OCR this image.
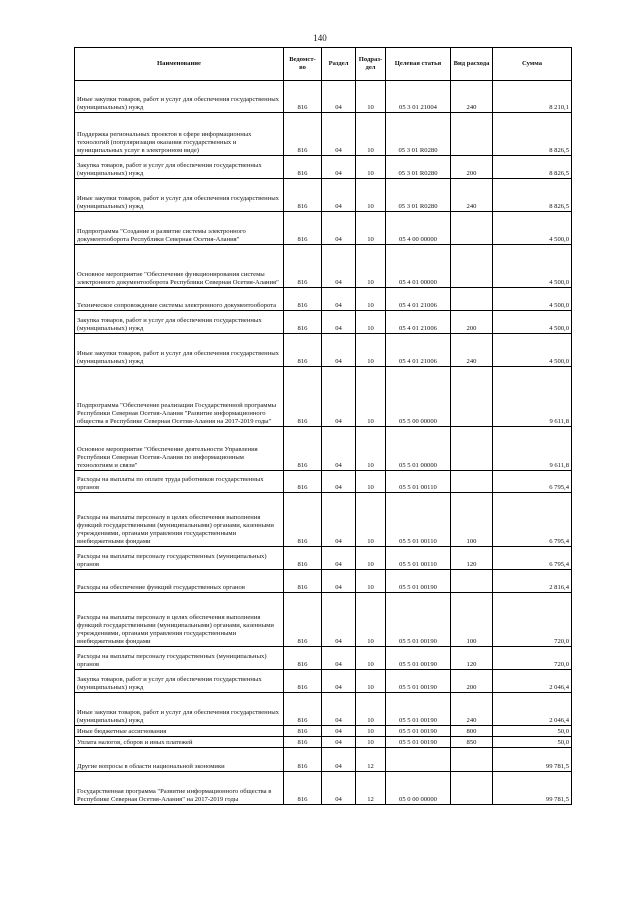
140
Наименование	Ведомст-во	Раздел	Подраз-дел	Целевая статья	Вид расхода	Сумма
Иные закупки товаров, работ и услуг для обеспечения государственных (муниципальных) нужд	816	04	10	05 3 01 21004	240	8 210,1
Поддержка региональных проектов в сфере информационных технологий (популяризация оказания государственных и муниципальных услуг в электронном виде)	816	04	10	05 3 01 R0280		8 826,5
Закупка товаров, работ и услуг для обеспечения государственных (муниципальных) нужд	816	04	10	05 3 01 R0280	200	8 826,5
Иные закупки товаров, работ и услуг для обеспечения государственных (муниципальных) нужд	816	04	10	05 3 01 R0280	240	8 826,5
Подпрограмма "Создание и развитие системы электронного документооборота Республики Северная Осетия-Алания"	816	04	10	05 4 00 00000		4 500,0
Основное мероприятие "Обеспечение функционирования системы электронного документооборота Республики Северная Осетия-Алания"	816	04	10	05 4 01 00000		4 500,0
Техническое сопровождение системы электронного документооборота	816	04	10	05 4 01 21006		4 500,0
Закупка товаров, работ и услуг для обеспечения государственных (муниципальных) нужд	816	04	10	05 4 01 21006	200	4 500,0
Иные закупки товаров, работ и услуг для обеспечения государственных (муниципальных) нужд	816	04	10	05 4 01 21006	240	4 500,0
Подпрограмма "Обеспечение реализации Государственной программы Республики Северная Осетия-Алания "Развитие информационного общества в Республике Северная Осетия-Алания на 2017-2019 годы"	816	04	10	05 5 00 00000		9 611,8
Основное мероприятие "Обеспечение деятельности Управления Республики Северная Осетия-Алания по информационным технологиям и связи"	816	04	10	05 5 01 00000		9 611,8
Расходы на выплаты по оплате труда работников государственных органов	816	04	10	05 5 01 00110		6 795,4
Расходы на выплаты персоналу в целях обеспечения выполнения функций государственными (муниципальными) органами, казенными учреждениями, органами управления государственными внебюджетными фондами	816	04	10	05 5 01 00110	100	6 795,4
Расходы на выплаты персоналу государственных (муниципальных) органов	816	04	10	05 5 01 00110	120	6 795,4
Расходы на обеспечение функций государственных органов	816	04	10	05 5 01 00190		2 816,4
Расходы на выплаты персоналу в целях обеспечения выполнения функций государственными (муниципальными) органами, казенными учреждениями, органами управления государственными внебюджетными фондами	816	04	10	05 5 01 00190	100	720,0
Расходы на выплаты персоналу государственных (муниципальных) органов	816	04	10	05 5 01 00190	120	720,0
Закупка товаров, работ и услуг для обеспечения государственных (муниципальных) нужд	816	04	10	05 5 01 00190	200	2 046,4
Иные закупки товаров, работ и услуг для обеспечения государственных (муниципальных) нужд	816	04	10	05 5 01 00190	240	2 046,4
Иные бюджетные ассигнования	816	04	10	05 5 01 00190	800	50,0
Уплата налогов, сборов и иных платежей	816	04	10	05 5 01 00190	850	50,0
Другие вопросы в области национальной экономики	816	04	12			99 781,5
Государственная программа "Развитие информационного общества в Республике Северная Осетия-Алания" на 2017-2019 годы	816	04	12	05 0 00 00000		99 781,5
